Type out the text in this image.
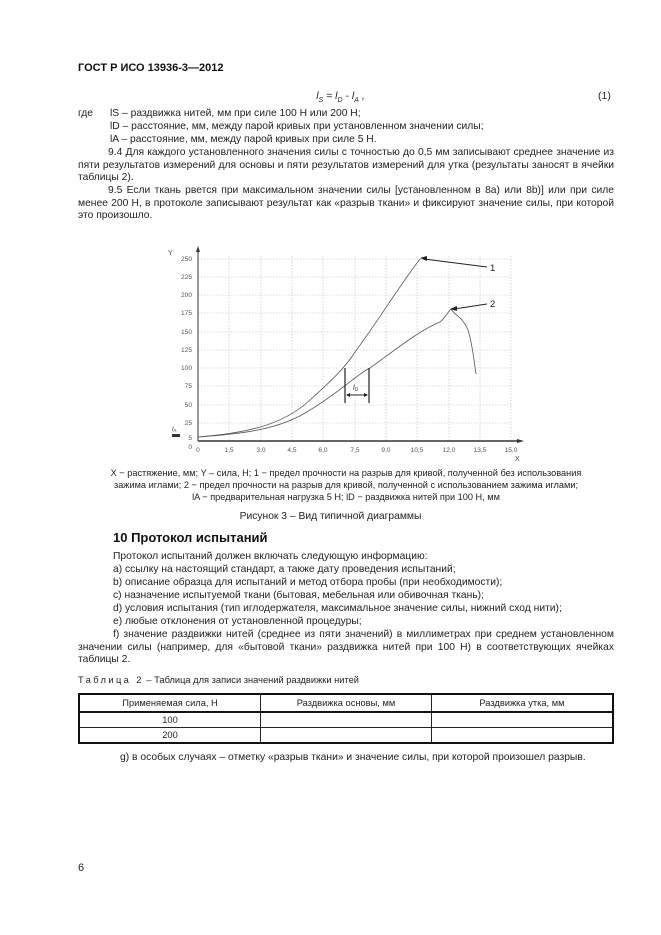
ГОСТ Р ИСО 13936-3—2012
$l_S = l_D - l_A$ ,	(1)
где lS – раздвижка нитей, мм при силе 100 Н или 200 Н;
lD – расстояние, мм, между парой кривых при установленном значении силы;
lA – расстояние, мм, между парой кривых при силе 5 Н.
9.4 Для каждого установленного значения силы с точностью до 0,5 мм записывают среднее значение из пяти результатов измерений для основы и пяти результатов измерений для утка (результаты заносят в ячейки таблицы 2).
9.5 Если ткань рвется при максимальном значении силы [установленном в 8а) или 8b)] или при силе менее 200 Н, в протоколе записывают результат как «разрыв ткани» и фиксируют значение силы, при которой это произошло.
Y
X
250
225
200
175
150
125
100
75
50
25
5
0 0	1,5	3,0	4,5	6,0	7,5	9,0	10,5	12,0	13,5	15,0
lD
lA
1
2
X − растяжение, мм; Y – сила, Н; 1 − предел прочности на разрыв для кривой, полученной без использования
зажима иглами; 2 − предел прочности на разрыв для кривой, полученной с использованием зажима иглами;
lA − предварительная нагрузка 5 Н; lD − раздвижка нитей при 100 Н, мм
Рисунок 3 – Вид типичной диаграммы
10 Протокол испытаний
Протокол испытаний должен включать следующую информацию:
a) ссылку на настоящий стандарт, а также дату проведения испытаний;
b) описание образца для испытаний и метод отбора пробы (при необходимости);
c) назначение испытуемой ткани (бытовая, мебельная или обивочная ткань);
d) условия испытания (тип иглодержателя, максимальное значение силы, нижний сход нити);
e) любые отклонения от установленной процедуры;
f) значение раздвижки нитей (среднее из пяти значений) в миллиметрах при среднем установленном значении силы (например, для «бытовой ткани» раздвижка нитей при 100 Н) в соответствующих ячейках таблицы 2.
Таблица 2 – Таблица для записи значений раздвижки нитей
Применяемая сила, Н	Раздвижка основы, мм	Раздвижка утка, мм
100		
200		
g) в особых случаях – отметку «разрыв ткани» и значение силы, при которой произошел разрыв.
6
